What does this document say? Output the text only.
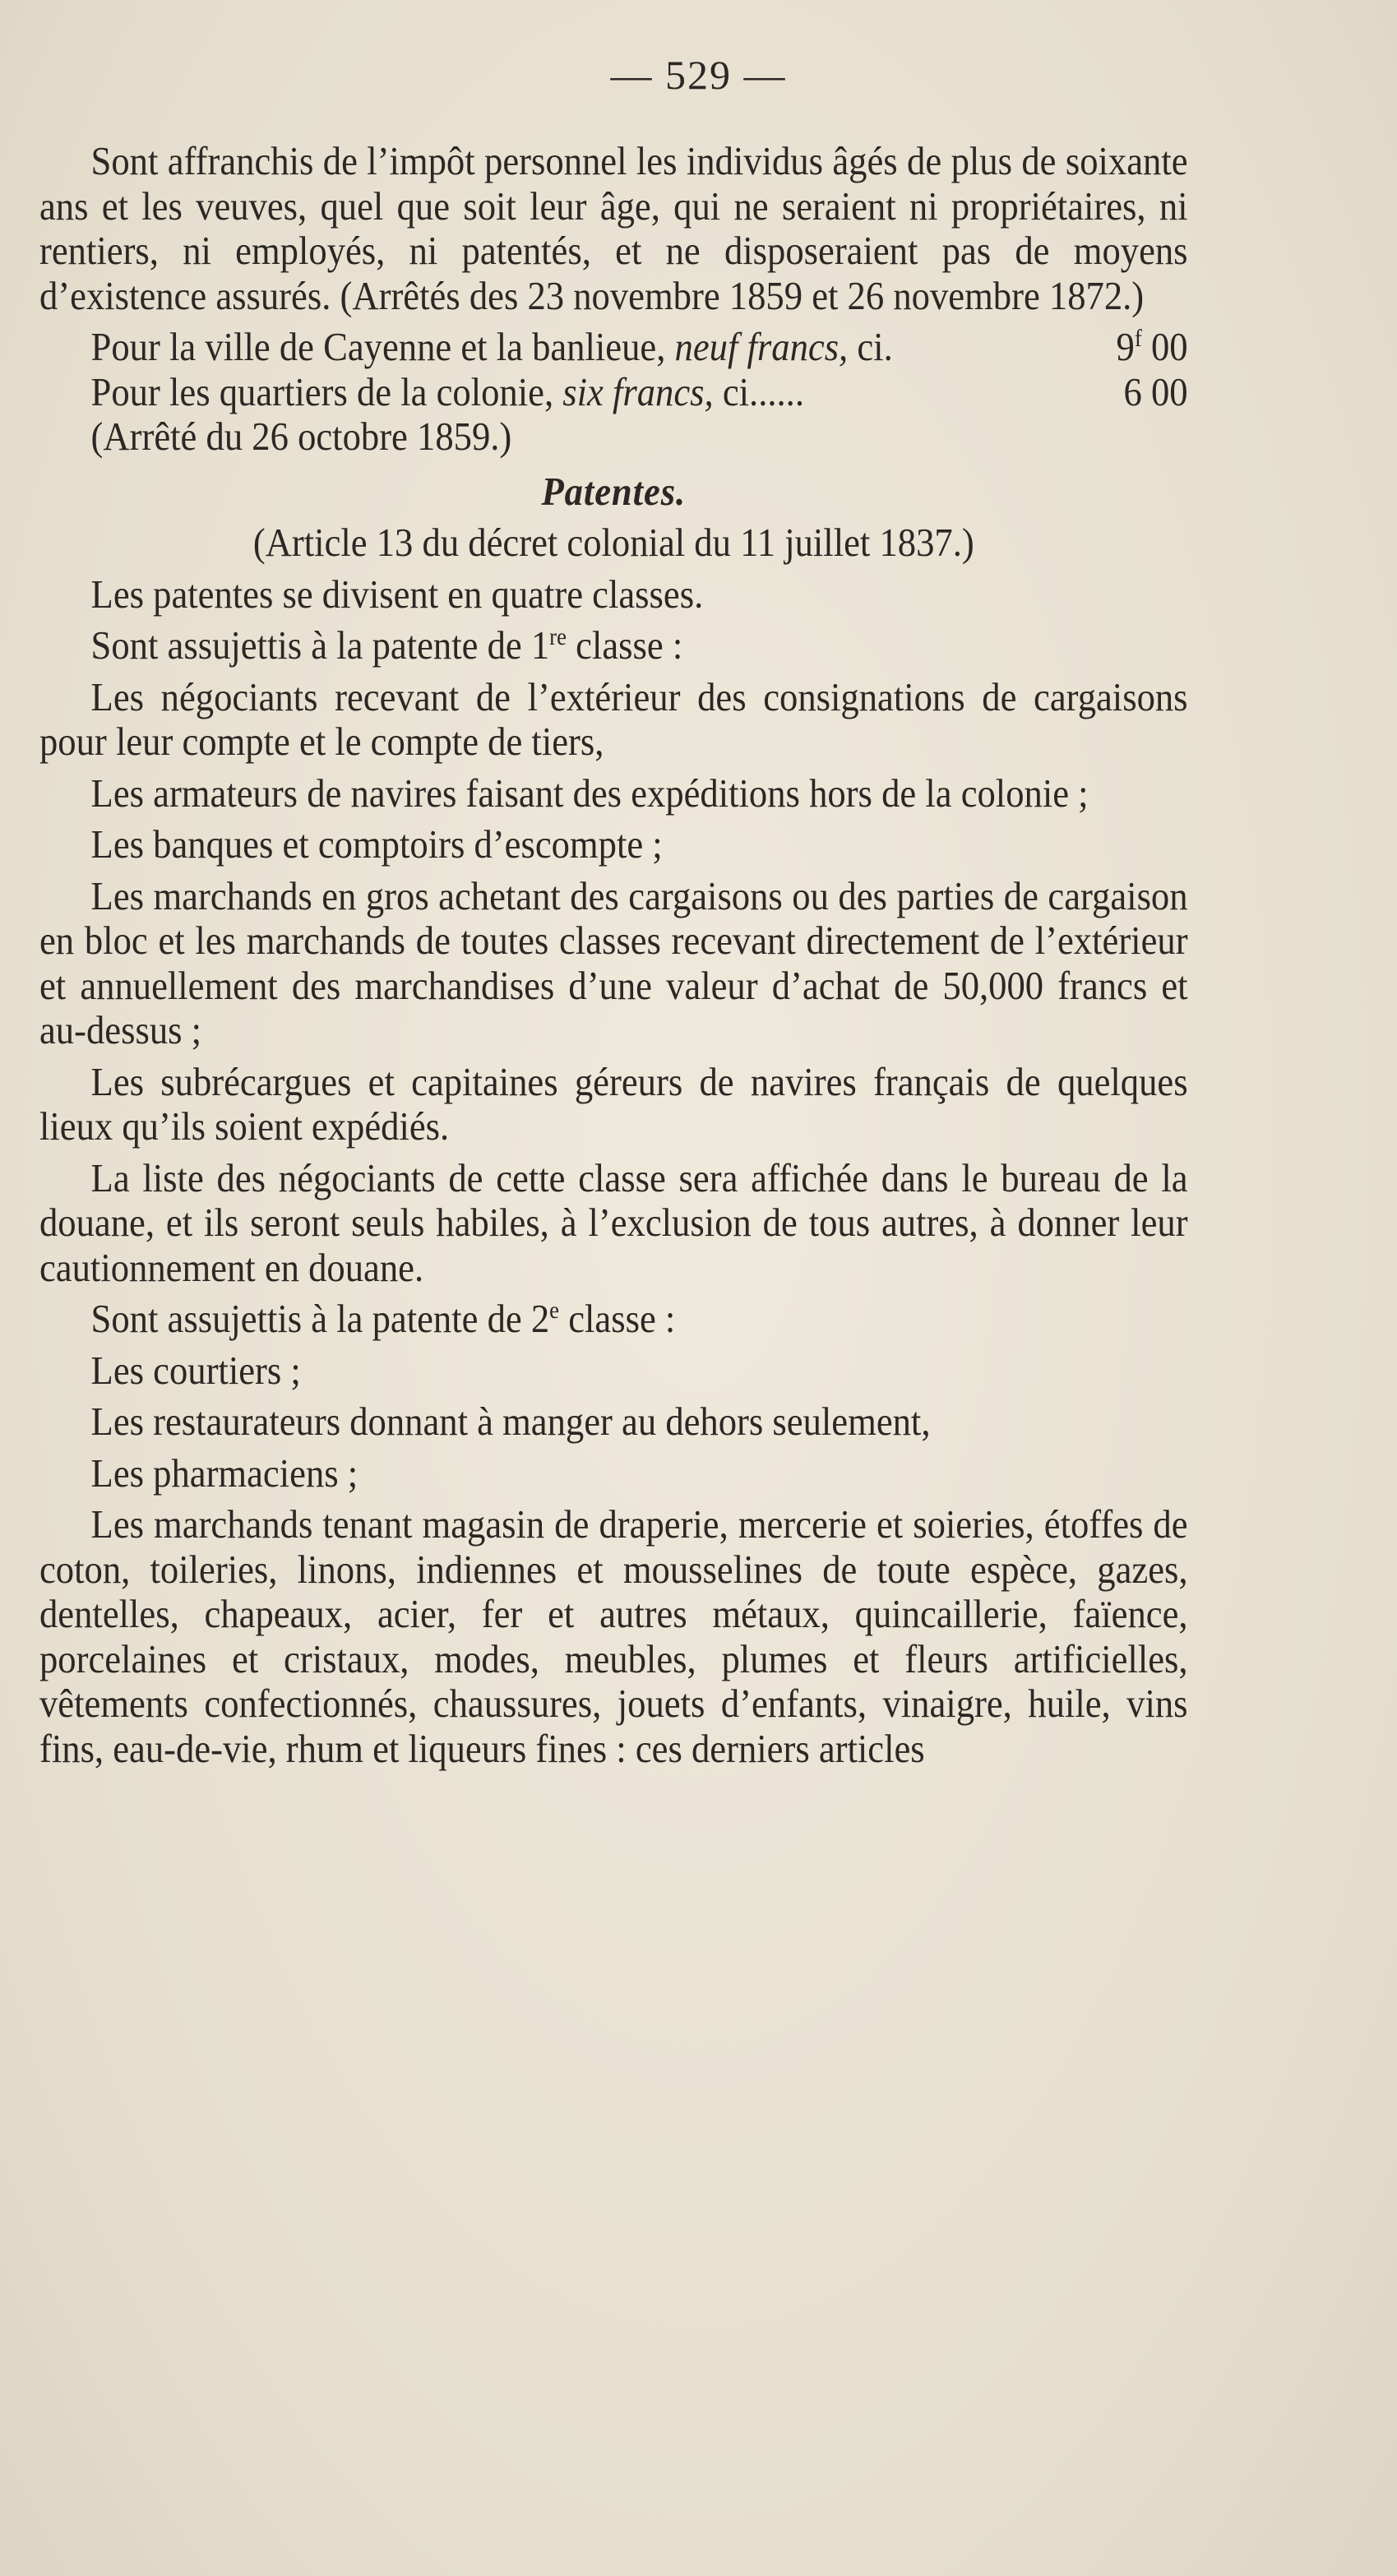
— 529 —

Sont affranchis de l’impôt personnel les individus âgés de plus de soixante ans et les veuves, quel que soit leur âge, qui ne seraient ni propriétaires, ni rentiers, ni employés, ni patentés, et ne disposeraient pas de moyens d’existence assurés. (Arrêtés des 23 novembre 1859 et 26 novembre 1872.)

Pour la ville de Cayenne et la banlieue, neuf francs, ci.	9$^f$ 00
Pour les quartiers de la colonie, six francs, ci......	6 00

(Arrêté du 26 octobre 1859.)

Patentes.

(Article 13 du décret colonial du 11 juillet 1837.)

Les patentes se divisent en quatre classes.

Sont assujettis à la patente de 1re classe :

Les négociants recevant de l’extérieur des consignations de cargaisons pour leur compte et le compte de tiers,

Les armateurs de navires faisant des expéditions hors de la colonie ;

Les banques et comptoirs d’escompte ;

Les marchands en gros achetant des cargaisons ou des parties de cargaison en bloc et les marchands de toutes classes recevant directement de l’extérieur et annuellement des marchandises d’une valeur d’achat de 50,000 francs et au-dessus ;

Les subrécargues et capitaines géreurs de navires français de quelques lieux qu’ils soient expédiés.

La liste des négociants de cette classe sera affichée dans le bureau de la douane, et ils seront seuls habiles, à l’exclusion de tous autres, à donner leur cautionnement en douane.

Sont assujettis à la patente de 2e classe :

Les courtiers ;

Les restaurateurs donnant à manger au dehors seulement,

Les pharmaciens ;

Les marchands tenant magasin de draperie, mercerie et soieries, étoffes de coton, toileries, linons, indiennes et mousselines de toute espèce, gazes, dentelles, chapeaux, acier, fer et autres métaux, quincaillerie, faïence, porcelaines et cristaux, modes, meubles, plumes et fleurs artificielles, vêtements confectionnés, chaussures, jouets d’enfants, vinaigre, huile, vins fins, eau-de-vie, rhum et liqueurs fines : ces derniers articles
